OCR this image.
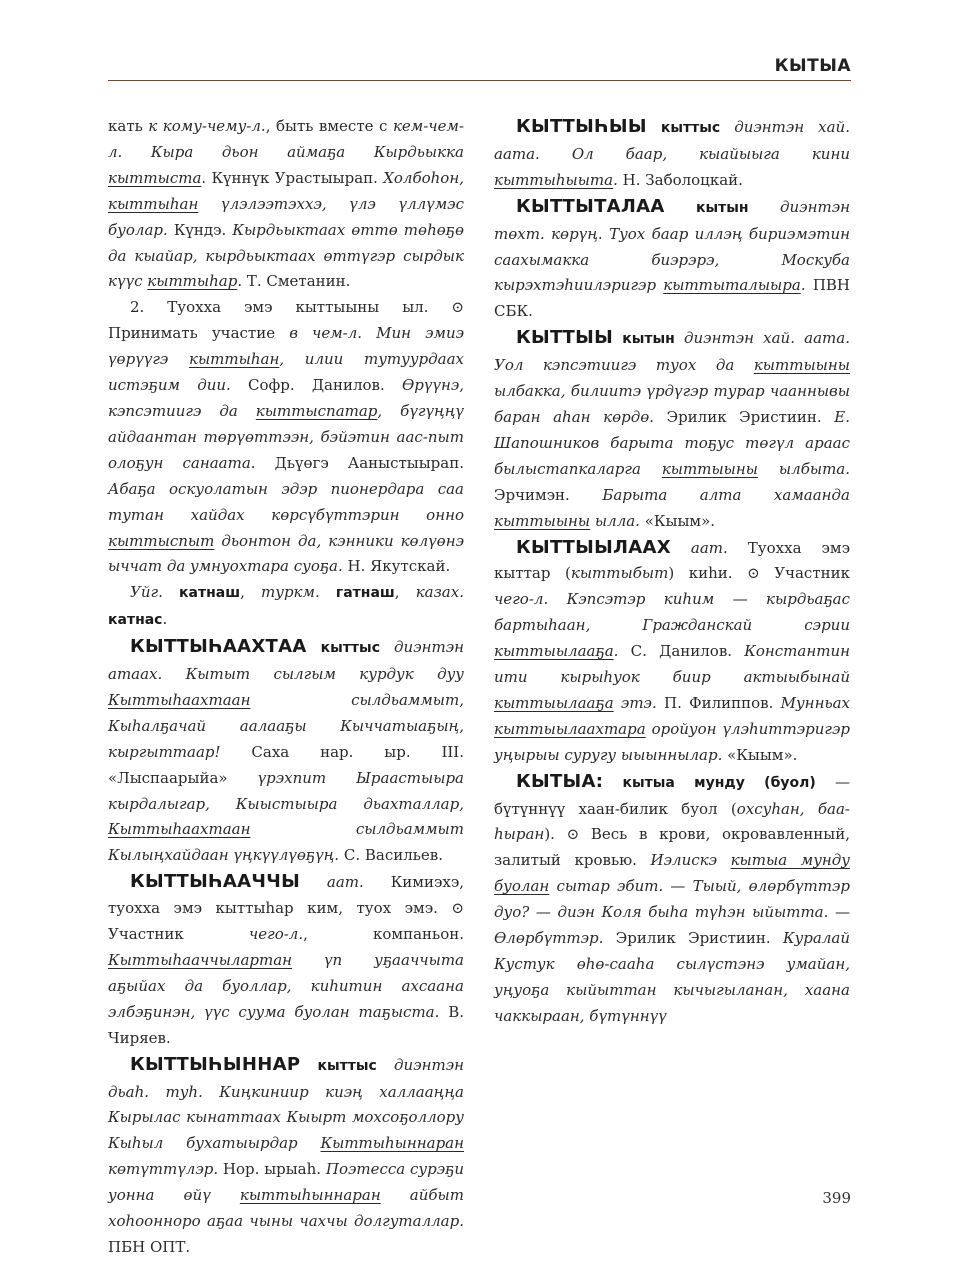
КЫТЫА

кать к кому-чему-л., быть вместе с кем-чем-л. Кыра дьон аймаҕа Кырдьыкка кыттыста. Күннүк Урастыырап. Холбоһон, кыттыһан үлэлээтэххэ, үлэ үллүмэс буолар. Күндэ. Кырдьыктаах өттө төһөҕө да кыайар, кырдьыктаах өттүгэр сырдык күүс кыттыһар. Т. Сметанин.

2. Туохха эмэ кыттыыны ыл. ⊙ Принимать участие в чем-л. Мин эмиэ үөрүүгэ кыттыһан, илии тутуурдаах истэҕим дии. Софр. Данилов. Өрүүнэ, кэпсэтиигэ да кыттыспатар, бүгүңңү айдаантан төрүөттээн, бэйэтин аас-пыт олоҕун санаата. Дьүөгэ Ааныстыырап. Абаҕа оскуолатын эдэр пионердара саа тутан хайдах көрсүбүттэрин онно кыттыспыт дьонтон да, кэнники көлүөнэ ыччат да умнуохтара суоҕа. Н. Якутскай.

Уйг. катнаш, туркм. гатнаш, казах. катнас.

КЫТТЫҺААХТАА кыттыс диэнтэн атаах. Кытыт сылгым курдук дуу Кыттыһаахтаан сылдьаммыт, Кыһалҕачай аалааҕы Кыччатыаҕың, кыргыттаар! Саха нар. ыр. III. «Лыспаарыйа» үрэхпит Ыраастыыра кырдалыгар, Кыыстыыра дьахталлар, Кыттыһаахтаан сылдьаммыт Кылыңхайдаан үңкүүлүөҕүң. С. Васильев.

КЫТТЫҺААЧЧЫ аат. Кимиэхэ, туохха эмэ кыттыһар ким, туох эмэ. ⊙ Участник чего-л., компаньон. Кыттыһааччылартан үп уҕааччыта аҕыйах да буоллар, киһитин ахсаана элбэҕинэн, үүс суума буолан таҕыста. В. Чиряев.

КЫТТЫҺЫННАР кыттыс диэнтэн дьаһ. туһ. Киңкиниир киэң халлааңңа Кырылас кынаттаах Кыырт мохсоҕоллору Кыһыл бухатыырдар Кыттыһыннаран көтүттүлэр. Нор. ырыаһ. Поэтесса сурэҕи уонна өйү кыттыһыннаран айбыт хоһооннорo аҕаа чыны чахчы долгуталлар. ПБН ОПТ.

КЫТТЫҺЫЫ кыттыс диэнтэн хай. аата. Ол баар, кыайыыга кини кыттыһыыта. Н. Заболоцкай.

КЫТТЫТАЛАА кытын диэнтэн төхт. көрүң. Туох баар иллэң бириэмэтин саахымакка биэрэрэ, Москуба кырэхтэһиилэригэр кыттыталыыра. ПВН СБК.

КЫТТЫЫ кытын диэнтэн хай. аата. Уол кэпсэтиигэ туох да кыттыыны ылбакка, билиитэ үрдүгэр турар чааннывы баран аһан көрдө. Эрилик Эристиин. Е. Шапошников барыта тоҕус төгүл араас былыстапкаларга кыттыыны ылбыта. Эрчимэн. Барыта алта хамаанда кыттыыны ылла. «Кыым».

КЫТТЫЫЛААХ аат. Туохха эмэ кыттар (кыттыбыт) киһи. ⊙ Участник чего-л. Кэпсэтэр киһим — кырдьаҕас бартыһаан, Гражданскай сэрии кыттыылааҕа. С. Данилов. Константин ити кырыһуок биир актыыбынай кыттыылааҕа этэ. П. Филиппов. Мунньах кыттыылаахтара оройуон үлэһиттэригэр уңырыы суругу ыыыннылар. «Кыым».

КЫТЫА: кытыа мунду (буол) — бүтүннүү хаан-билик буол (охсуһан, баа-һыран). ⊙ Весь в крови, окровавленный, залитый кровью. Иэлискэ кытыа мунду буолан сытар эбит. — Тыый, өлөрбүттэр дуо? — диэн Коля быһа түһэн ыйытта. — Өлөрбүттэр. Эрилик Эристиин. Куралай Кустук өһө-сааһа сылүстэнэ умайан, уңуоҕа кыйыттан кычыгыланан, хаана чаккыраан, бүтүннүү

399
